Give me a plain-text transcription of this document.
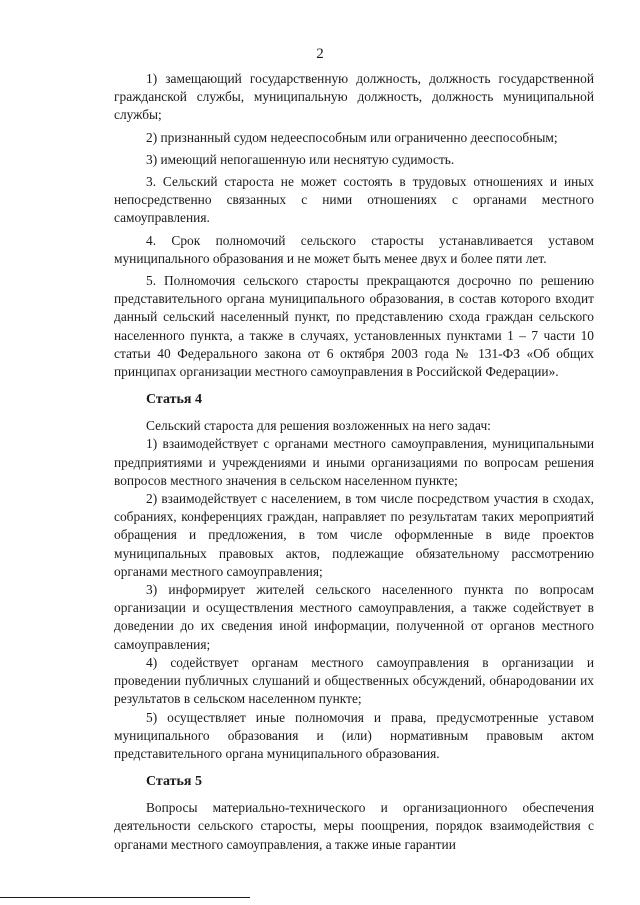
2

1) замещающий государственную должность, должность государственной гражданской службы, муниципальную должность, должность муниципальной службы;

2) признанный судом недееспособным или ограниченно дееспособным;

3) имеющий непогашенную или неснятую судимость.

3. Сельский староста не может состоять в трудовых отношениях и иных непосредственно связанных с ними отношениях с органами местного самоуправления.

4. Срок полномочий сельского старосты устанавливается уставом муниципального образования и не может быть менее двух и более пяти лет.

5. Полномочия сельского старосты прекращаются досрочно по решению представительного органа муниципального образования, в состав которого входит данный сельский населенный пункт, по представлению схода граждан сельского населенного пункта, а также в случаях, установленных пунктами 1 – 7 части 10 статьи 40 Федерального закона от 6 октября 2003 года № 131-ФЗ «Об общих принципах организации местного самоуправления в Российской Федерации».

Статья 4

Сельский староста для решения возложенных на него задач:

1) взаимодействует с органами местного самоуправления, муниципальными предприятиями и учреждениями и иными организациями по вопросам решения вопросов местного значения в сельском населенном пункте;

2) взаимодействует с населением, в том числе посредством участия в сходах, собраниях, конференциях граждан, направляет по результатам таких мероприятий обращения и предложения, в том числе оформленные в виде проектов муниципальных правовых актов, подлежащие обязательному рассмотрению органами местного самоуправления;

3) информирует жителей сельского населенного пункта по вопросам организации и осуществления местного самоуправления, а также содействует в доведении до их сведения иной информации, полученной от органов местного самоуправления;

4) содействует органам местного самоуправления в организации и проведении публичных слушаний и общественных обсуждений, обнародовании их результатов в сельском населенном пункте;

5) осуществляет иные полномочия и права, предусмотренные уставом муниципального образования и (или) нормативным правовым актом представительного органа муниципального образования.

Статья 5

Вопросы материально-технического и организационного обеспечения деятельности сельского старосты, меры поощрения, порядок взаимодействия с органами местного самоуправления, а также иные гарантии
